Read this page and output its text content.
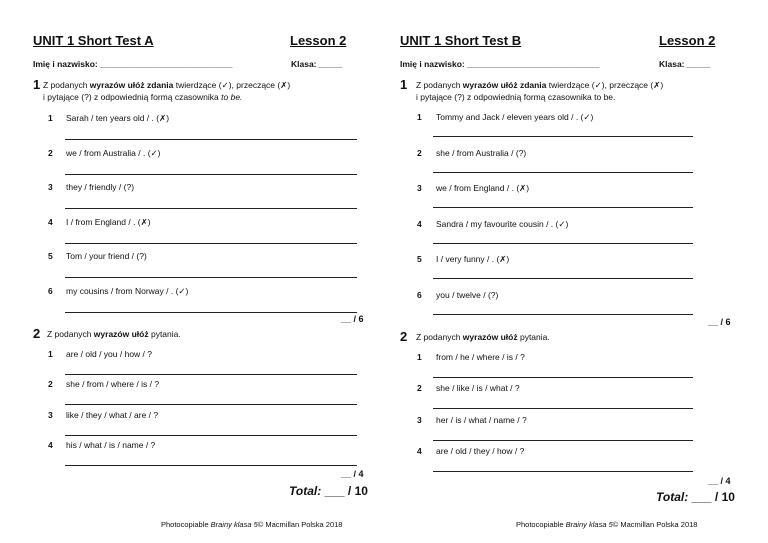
UNIT 1 Short Test A	Lesson 2
Imię i nazwisko: ____________________________	Klasa: _____
1 Z podanych wyrazów ułóż zdania twierdzące (✓), przeczące (✗)
i pytające (?) z odpowiednią formą czasownika to be.
1 Sarah / ten years old / . (✗)
2 we / from Australia / . (✓)
3 they / friendly / (?)
4 I / from England / . (✗)
5 Tom / your friend / (?)
6 my cousins / from Norway / . (✓)
__ / 6
2 Z podanych wyrazów ułóż pytania.
1 are / old / you / how / ?
2 she / from / where / is / ?
3 like / they / what / are / ?
4 his / what / is / name / ?
__ / 4
Total: ___ / 10
Photocopiable Brainy klasa 5© Macmillan Polska 2018
UNIT 1 Short Test B	Lesson 2
Imię i nazwisko: ____________________________	Klasa: _____
1 Z podanych wyrazów ułóż zdania twierdzące (✓), przeczące (✗)
i pytające (?) z odpowiednią formą czasownika to be.
1 Tommy and Jack / eleven years old / . (✓)
2 she / from Australia / (?)
3 we / from England / . (✗)
4 Sandra / my favourite cousin / . (✓)
5 I / very funny / . (✗)
6 you / twelve / (?)
__ / 6
2 Z podanych wyrazów ułóż pytania.
1 from / he / where / is / ?
2 she / like / is / what / ?
3 her / is / what / name / ?
4 are / old / they / how / ?
__ / 4
Total: ___ / 10
Photocopiable Brainy klasa 5© Macmillan Polska 2018
